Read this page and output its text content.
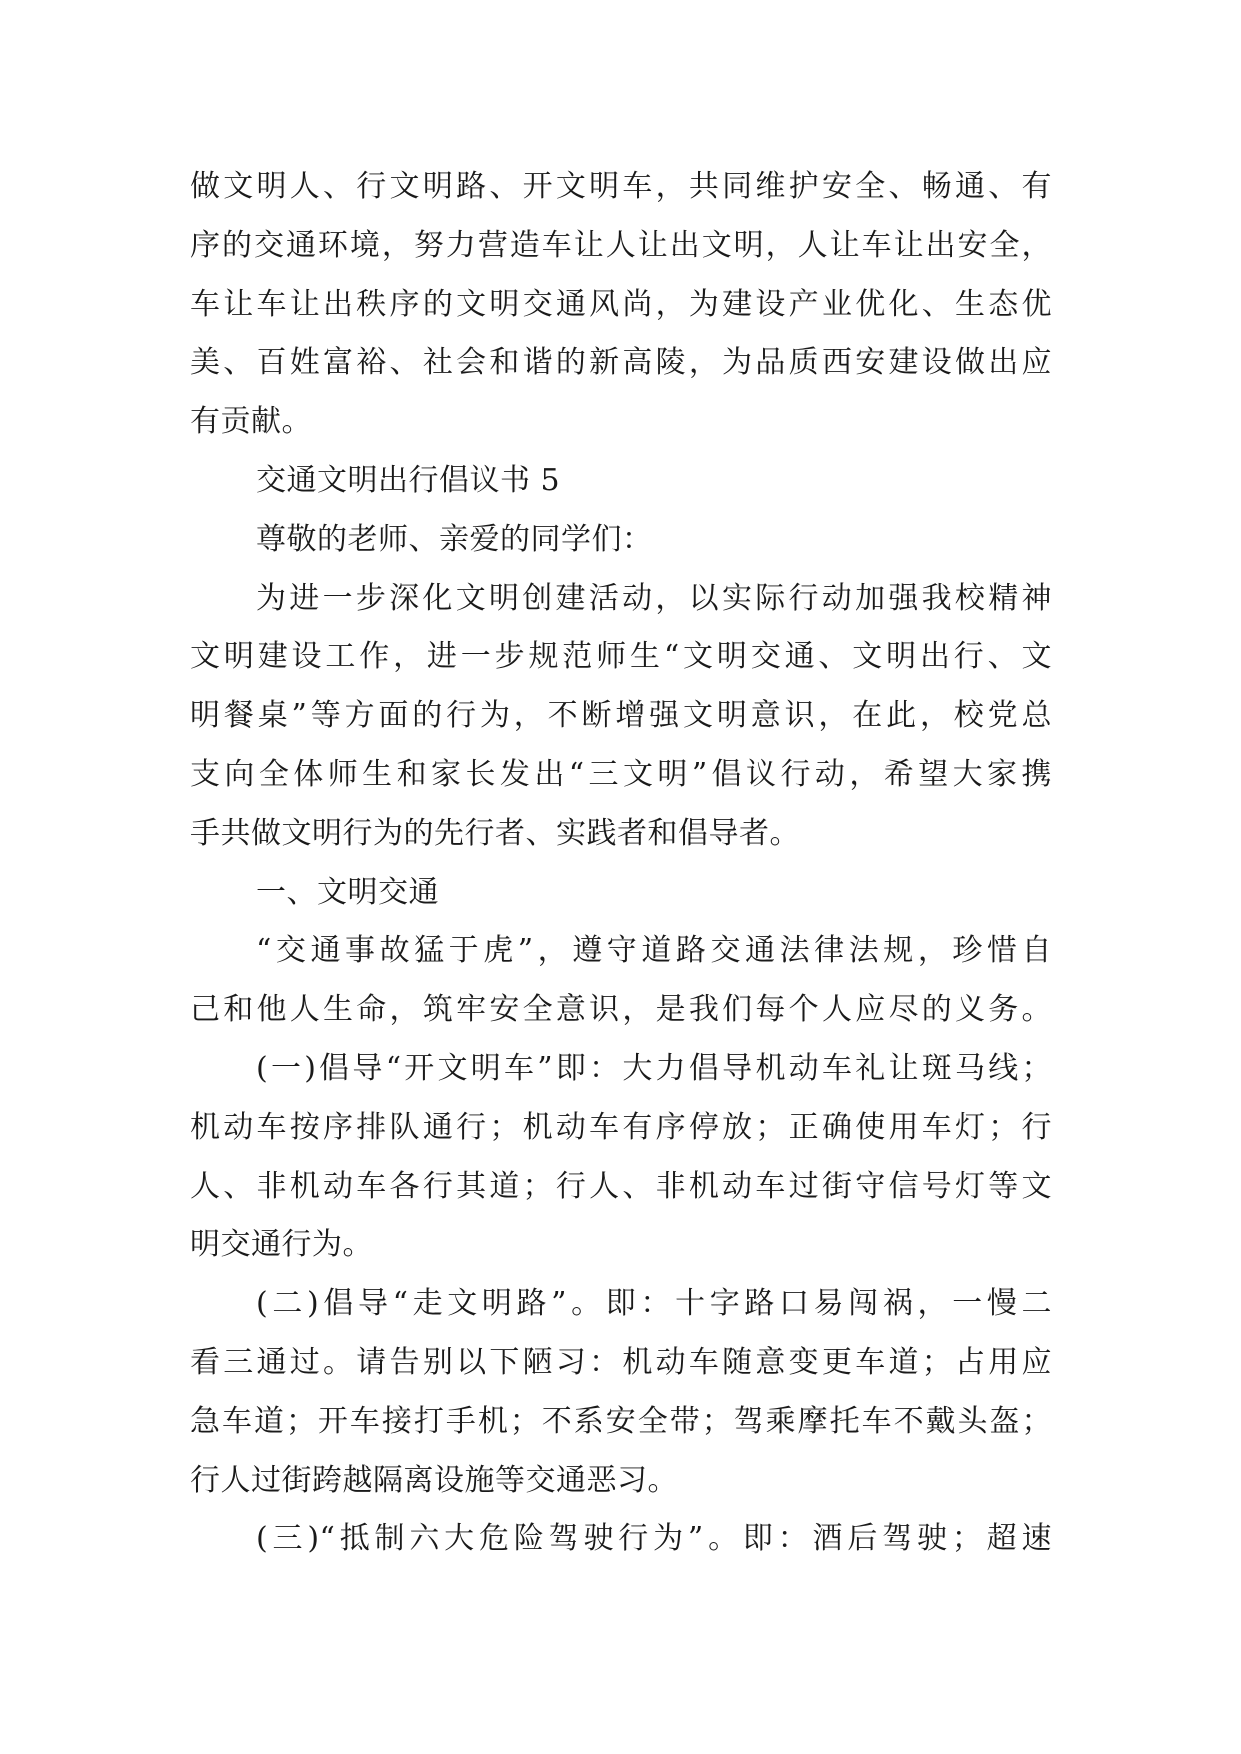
做文明人、行文明路、开文明车，共同维护安全、畅通、有
序的交通环境，努力营造车让人让出文明，人让车让出安全，
车让车让出秩序的文明交通风尚，为建设产业优化、生态优
美、百姓富裕、社会和谐的新高陵，为品质西安建设做出应
有贡献。
交通文明出行倡议书 5
尊敬的老师、亲爱的同学们：
为进一步深化文明创建活动，以实际行动加强我校精神
文明建设工作，进一步规范师生“文明交通、文明出行、文
明餐桌”等方面的行为，不断增强文明意识，在此，校党总
支向全体师生和家长发出“三文明”倡议行动，希望大家携
手共做文明行为的先行者、实践者和倡导者。
一、文明交通
“交通事故猛于虎”，遵守道路交通法律法规，珍惜自
己和他人生命，筑牢安全意识，是我们每个人应尽的义务。
(一)倡导“开文明车”即：大力倡导机动车礼让斑马线；
机动车按序排队通行；机动车有序停放；正确使用车灯；行
人、非机动车各行其道；行人、非机动车过街守信号灯等文
明交通行为。
(二)倡导“走文明路”。即：十字路口易闯祸，一慢二
看三通过。请告别以下陋习：机动车随意变更车道；占用应
急车道；开车接打手机；不系安全带；驾乘摩托车不戴头盔；
行人过街跨越隔离设施等交通恶习。
(三)“抵制六大危险驾驶行为”。即：酒后驾驶；超速
